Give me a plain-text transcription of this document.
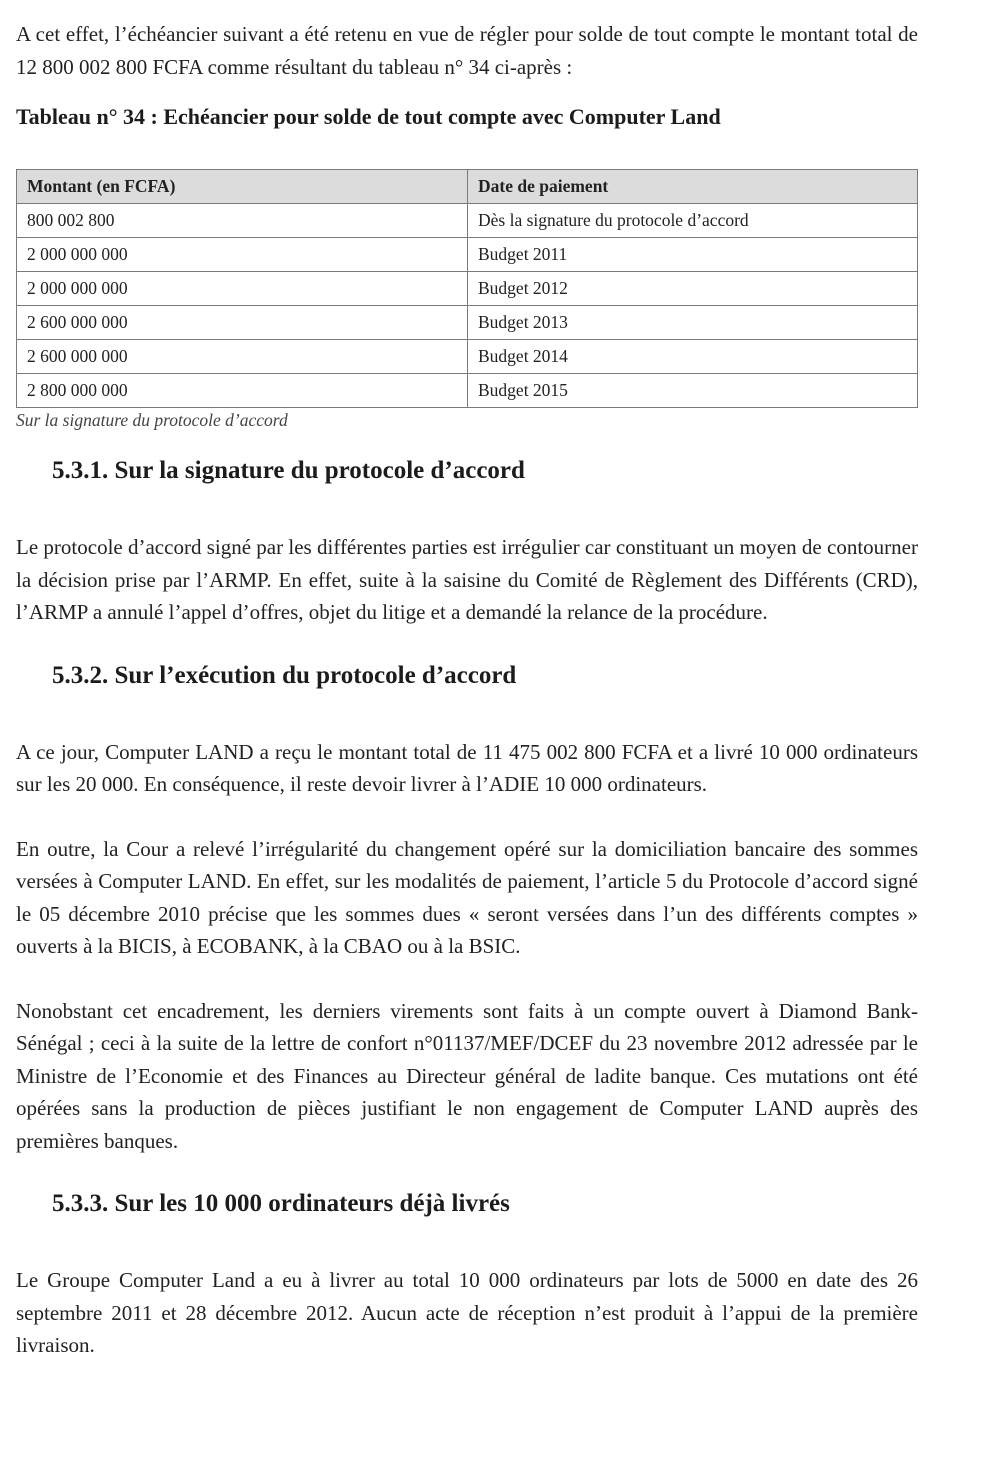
A cet effet, l’échéancier suivant a été retenu en vue de régler pour solde de tout compte le montant total de 12 800 002 800 FCFA comme résultant du tableau n° 34 ci-après :

Tableau n° 34 : Echéancier pour solde de tout compte avec Computer Land
Montant (en FCFA)	Date de paiement
800 002 800	Dès la signature du protocole d’accord
2 000 000 000	Budget 2011
2 000 000 000	Budget 2012
2 600 000 000	Budget 2013
2 600 000 000	Budget 2014
2 800 000 000	Budget 2015
Sur la signature du protocole d’accord
5.3.1. Sur la signature du protocole d’accord

Le protocole d’accord signé par les différentes parties est irrégulier car constituant un moyen de contourner la décision prise par l’ARMP. En effet, suite à la saisine du Comité de Règlement des Différents (CRD), l’ARMP a annulé l’appel d’offres, objet du litige et a demandé la relance de la procédure.

5.3.2. Sur l’exécution du protocole d’accord

A ce jour, Computer LAND a reçu le montant total de 11 475 002 800 FCFA et a livré 10 000 ordinateurs sur les 20 000. En conséquence, il reste devoir livrer à l’ADIE 10 000 ordinateurs.

En outre, la Cour a relevé l’irrégularité du changement opéré sur la domiciliation bancaire des sommes versées à Computer LAND. En effet, sur les modalités de paiement, l’article 5 du Protocole d’accord signé le 05 décembre 2010 précise que les sommes dues « seront versées dans l’un des différents comptes » ouverts à la BICIS, à ECOBANK, à la CBAO ou à la BSIC.

Nonobstant cet encadrement, les derniers virements sont faits à un compte ouvert à Diamond Bank-Sénégal ; ceci à la suite de la lettre de confort n°01137/MEF/DCEF du 23 novembre 2012 adressée par le Ministre de l’Economie et des Finances au Directeur général de ladite banque. Ces mutations ont été opérées sans la production de pièces justifiant le non engagement de Computer LAND auprès des premières banques.

5.3.3. Sur les 10 000 ordinateurs déjà livrés

Le Groupe Computer Land a eu à livrer au total 10 000 ordinateurs par lots de 5000 en date des 26 septembre 2011 et 28 décembre 2012. Aucun acte de réception n’est produit à l’appui de la première livraison.
